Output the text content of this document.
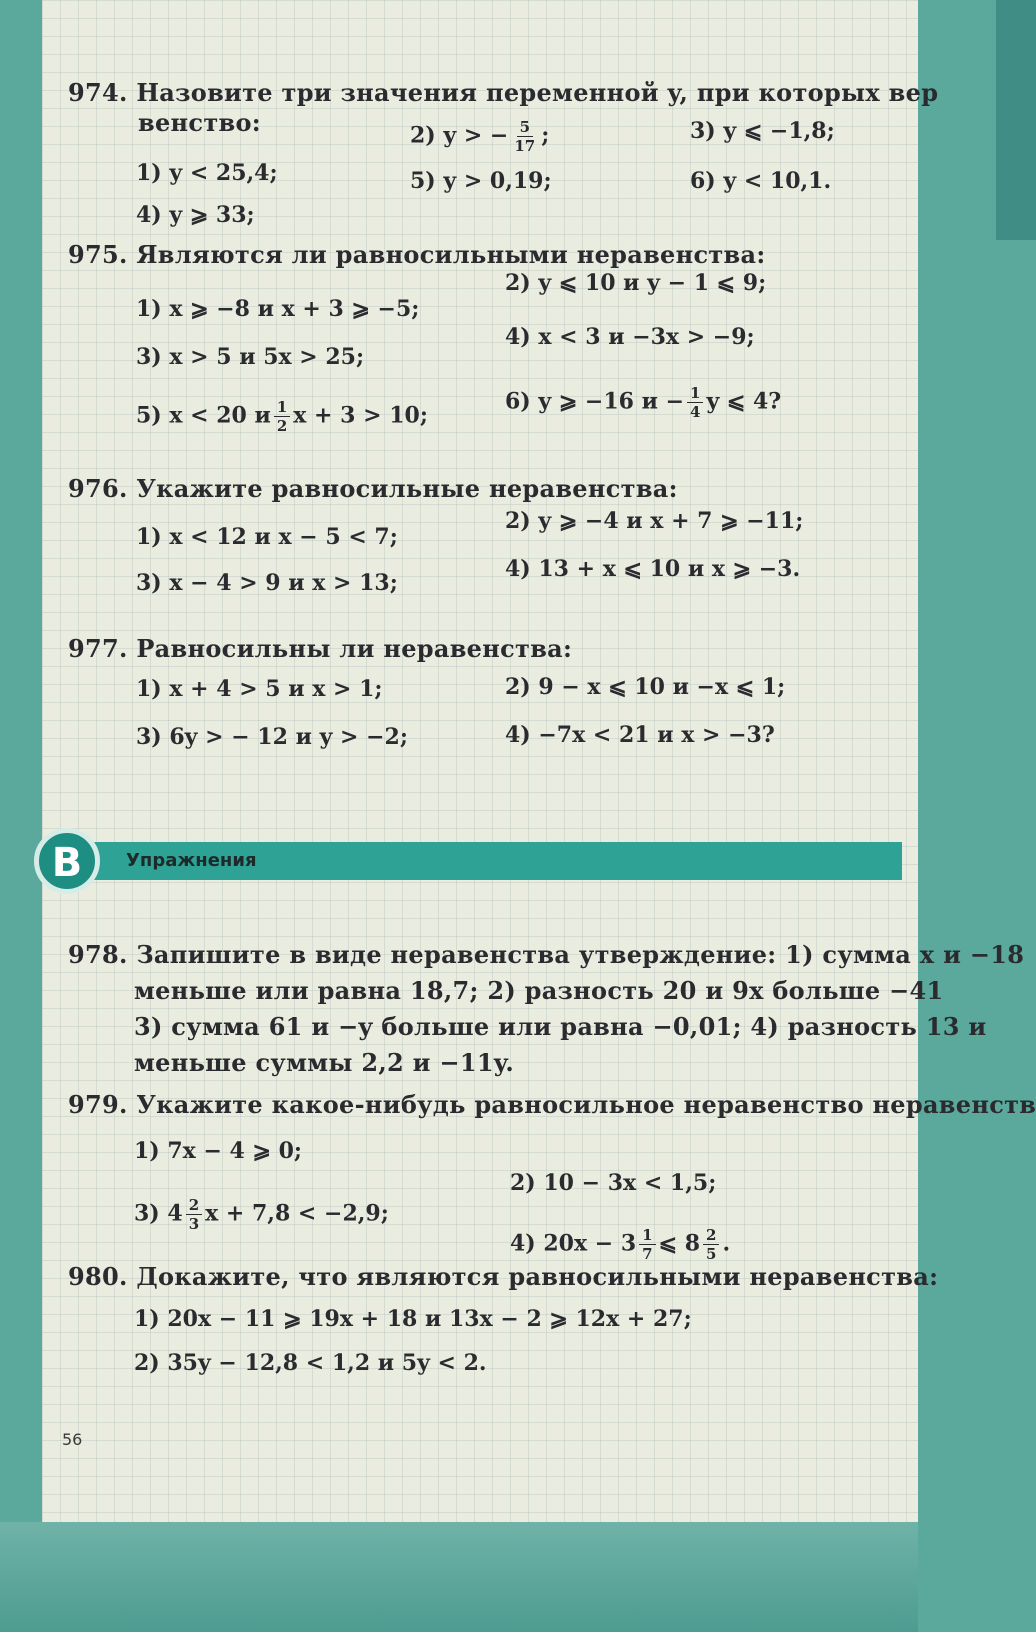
974. Назовите три значения переменной y, при которых вер
венство:
1) y < 25,4;
2) y > − $\frac{5}{17}$ ;	3) y ⩽ −1,8;
4) y ⩾ 33;
5) y > 0,19;	6) y < 10,1.
975. Являются ли равносильными неравенства:
1) x ⩾ −8 и x + 3 ⩾ −5;
2) y ⩽ 10 и y − 1 ⩽ 9;
3) x > 5 и 5x > 25;
4) x < 3 и −3x > −9;
5) x < 20 и $\frac{1}{2}$ x + 3 > 10;
6) y ⩾ −16 $и - \frac{1}{4}$ y ⩽ 4?
976. Укажите равносильные неравенства:
1) x < 12 и x − 5 < 7;
2) y ⩾ −4 и x + 7 ⩾ −11;
3) x − 4 > 9 и x > 13;
4) 13 + x ⩽ 10 и x ⩾ −3.
977. Равносильны ли неравенства:
1) x + 4 > 5 и x > 1;	2) 9 − x ⩽ 10 и −x ⩽ 1;
3) 6y > − 12 и y > −2;	4) −7x < 21 и x > −3?
Упражнения
В
978. Запишите в виде неравенства утверждение: 1) сумма x и −18
меньше или равна 18,7; 2) разность 20 и 9x больше −41
3) сумма 61 и −y больше или равна −0,01; 4) разность 13 и
меньше суммы 2,2 и −11y.
979. Укажите какое-нибудь равносильное неравенство неравенств
1) 7x − 4 ⩾ 0;
2) 10 − 3x < 1,5;
3) $4 \frac{2}{3}$ x + 7,8 < −2,9;
4) $20x - 3 \frac{1}{7}$ ⩽ $8 \frac{2}{5}$ .
980. Докажите, что являются равносильными неравенства:
1) 20x − 11 ⩾ 19x + 18 и 13x − 2 ⩾ 12x + 27;
2) 35y − 12,8 < 1,2 и 5y < 2.
56
